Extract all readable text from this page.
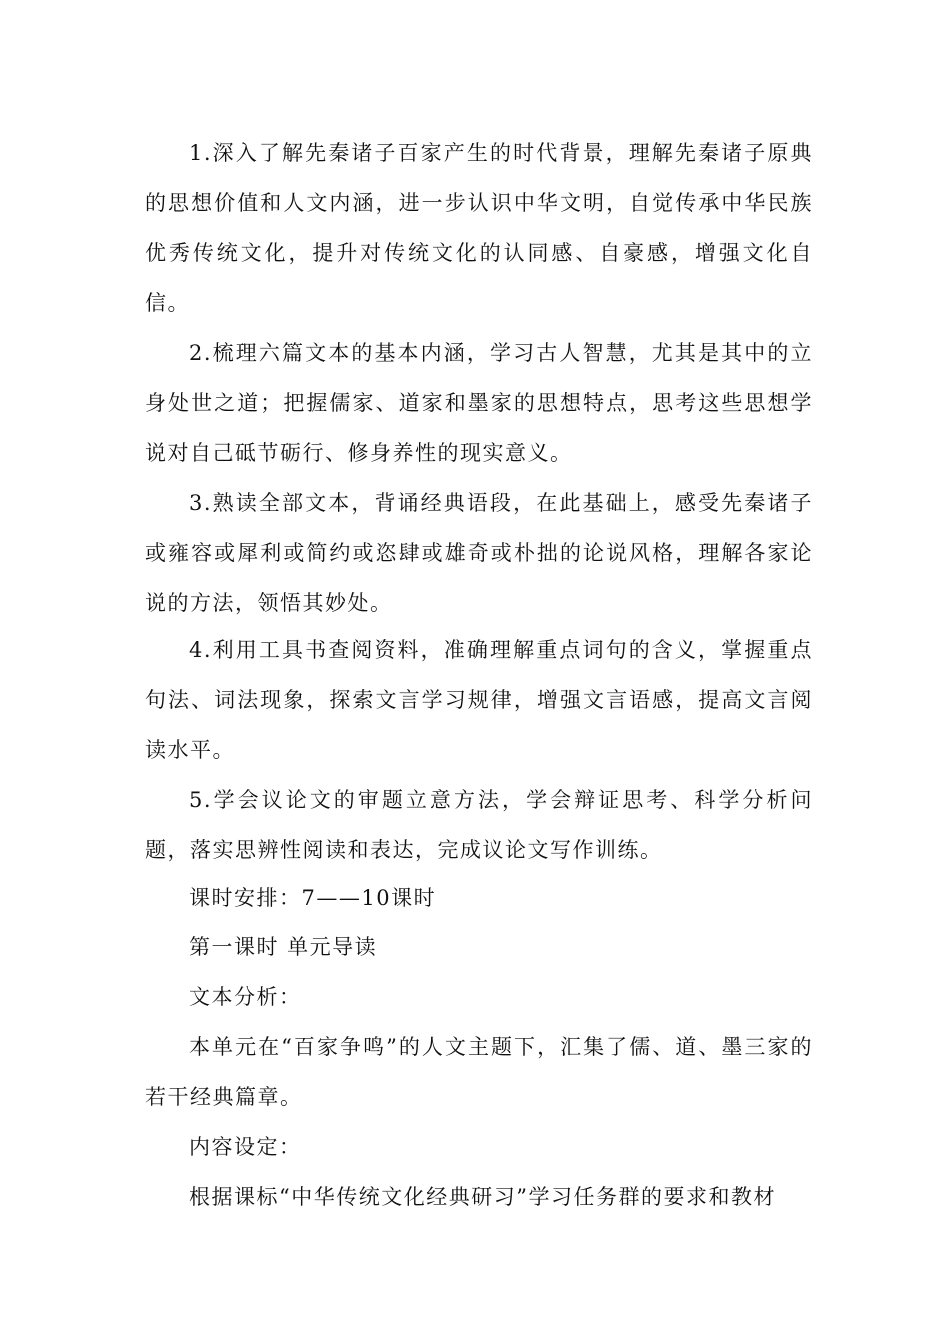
1.深入了解先秦诸子百家产生的时代背景，理解先秦诸子原典的思想价值和人文内涵，进一步认识中华文明，自觉传承中华民族优秀传统文化，提升对传统文化的认同感、自豪感，增强文化自信。

2.梳理六篇文本的基本内涵，学习古人智慧，尤其是其中的立身处世之道；把握儒家、道家和墨家的思想特点，思考这些思想学说对自己砥节砺行、修身养性的现实意义。

3.熟读全部文本，背诵经典语段，在此基础上，感受先秦诸子或雍容或犀利或简约或恣肆或雄奇或朴拙的论说风格，理解各家论说的方法，领悟其妙处。

4.利用工具书查阅资料，准确理解重点词句的含义，掌握重点句法、词法现象，探索文言学习规律，增强文言语感，提高文言阅读水平。

5.学会议论文的审题立意方法，学会辩证思考、科学分析问题，落实思辨性阅读和表达，完成议论文写作训练。

课时安排：7——10课时

第一课时 单元导读

文本分析：

本单元在“百家争鸣”的人文主题下，汇集了儒、道、墨三家的若干经典篇章。

内容设定：

根据课标“中华传统文化经典研习”学习任务群的要求和教材
